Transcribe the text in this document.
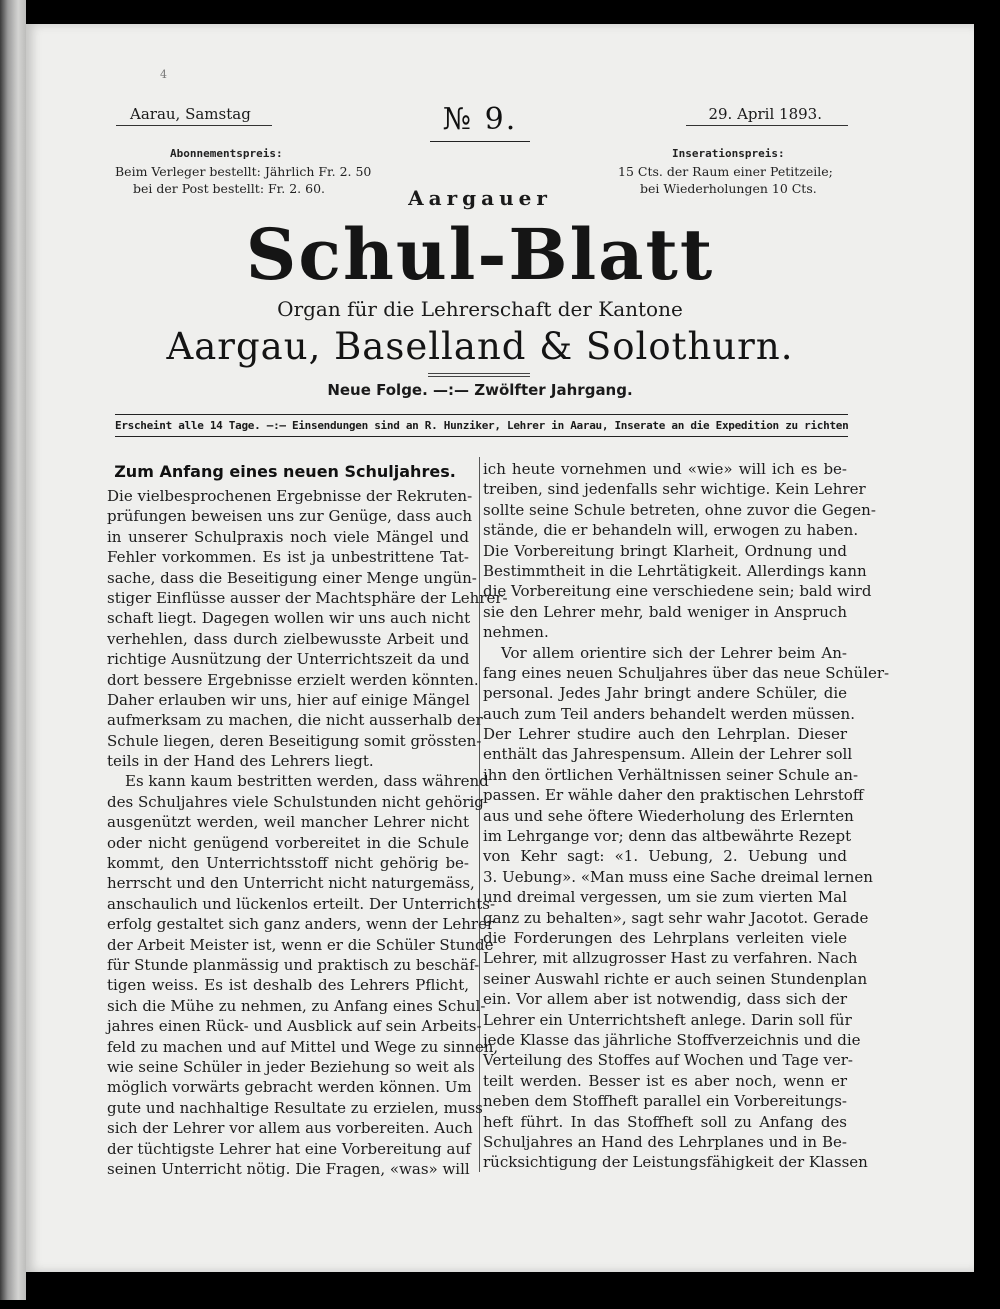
4
Aarau, Samstag	№ 9.	29. April 1893.
Abonnementspreis:
Beim Verleger bestellt: Jährlich Fr. 2. 50
bei der Post bestellt: Fr. 2. 60.
Inserationspreis:
15 Cts. der Raum einer Petitzeile;
bei Wiederholungen 10 Cts.
Aargauer
Schul-Blatt
Organ für die Lehrerschaft der Kantone
Aargau, Baselland & Solothurn.
Neue Folge. —:— Zwölfter Jahrgang.
Erscheint alle 14 Tage. —:— Einsendungen sind an R. Hunziker, Lehrer in Aarau, Inserate an die Expedition zu richten
Zum Anfang eines neuen Schuljahres.
Die vielbesprochenen Ergebnisse der Rekruten-
prüfungen beweisen uns zur Genüge, dass auch
in unserer Schulpraxis noch viele Mängel und
Fehler vorkommen. Es ist ja unbestrittene Tat-
sache, dass die Beseitigung einer Menge ungün-
stiger Einflüsse ausser der Machtsphäre der Lehrer-
schaft liegt. Dagegen wollen wir uns auch nicht
verhehlen, dass durch zielbewusste Arbeit und
richtige Ausnützung der Unterrichtszeit da und
dort bessere Ergebnisse erzielt werden könnten.
Daher erlauben wir uns, hier auf einige Mängel
aufmerksam zu machen, die nicht ausserhalb der
Schule liegen, deren Beseitigung somit grössten-
teils in der Hand des Lehrers liegt.
Es kann kaum bestritten werden, dass während
des Schuljahres viele Schulstunden nicht gehörig
ausgenützt werden, weil mancher Lehrer nicht
oder nicht genügend vorbereitet in die Schule
kommt, den Unterrichtsstoff nicht gehörig be-
herrscht und den Unterricht nicht naturgemäss,
anschaulich und lückenlos erteilt. Der Unterrichts-
erfolg gestaltet sich ganz anders, wenn der Lehrer
der Arbeit Meister ist, wenn er die Schüler Stunde
für Stunde planmässig und praktisch zu beschäf-
tigen weiss. Es ist deshalb des Lehrers Pflicht,
sich die Mühe zu nehmen, zu Anfang eines Schul-
jahres einen Rück- und Ausblick auf sein Arbeits-
feld zu machen und auf Mittel und Wege zu sinnen,
wie seine Schüler in jeder Beziehung so weit als
möglich vorwärts gebracht werden können. Um
gute und nachhaltige Resultate zu erzielen, muss
sich der Lehrer vor allem aus vorbereiten. Auch
der tüchtigste Lehrer hat eine Vorbereitung auf
seinen Unterricht nötig. Die Fragen, «was» will
ich heute vornehmen und «wie» will ich es be-
treiben, sind jedenfalls sehr wichtige. Kein Lehrer
sollte seine Schule betreten, ohne zuvor die Gegen-
stände, die er behandeln will, erwogen zu haben.
Die Vorbereitung bringt Klarheit, Ordnung und
Bestimmtheit in die Lehrtätigkeit. Allerdings kann
die Vorbereitung eine verschiedene sein; bald wird
sie den Lehrer mehr, bald weniger in Anspruch
nehmen.
Vor allem orientire sich der Lehrer beim An-
fang eines neuen Schuljahres über das neue Schüler-
personal. Jedes Jahr bringt andere Schüler, die
auch zum Teil anders behandelt werden müssen.
Der Lehrer studire auch den Lehrplan. Dieser
enthält das Jahrespensum. Allein der Lehrer soll
ihn den örtlichen Verhältnissen seiner Schule an-
passen. Er wähle daher den praktischen Lehrstoff
aus und sehe öftere Wiederholung des Erlernten
im Lehrgange vor; denn das altbewährte Rezept
von Kehr sagt: «1. Uebung, 2. Uebung und
3. Uebung». «Man muss eine Sache dreimal lernen
und dreimal vergessen, um sie zum vierten Mal
ganz zu behalten», sagt sehr wahr Jacotot. Gerade
die Forderungen des Lehrplans verleiten viele
Lehrer, mit allzugrosser Hast zu verfahren. Nach
seiner Auswahl richte er auch seinen Stundenplan
ein. Vor allem aber ist notwendig, dass sich der
Lehrer ein Unterrichtsheft anlege. Darin soll für
jede Klasse das jährliche Stoffverzeichnis und die
Verteilung des Stoffes auf Wochen und Tage ver-
teilt werden. Besser ist es aber noch, wenn er
neben dem Stoffheft parallel ein Vorbereitungs-
heft führt. In das Stoffheft soll zu Anfang des
Schuljahres an Hand des Lehrplanes und in Be-
rücksichtigung der Leistungsfähigkeit der Klassen
